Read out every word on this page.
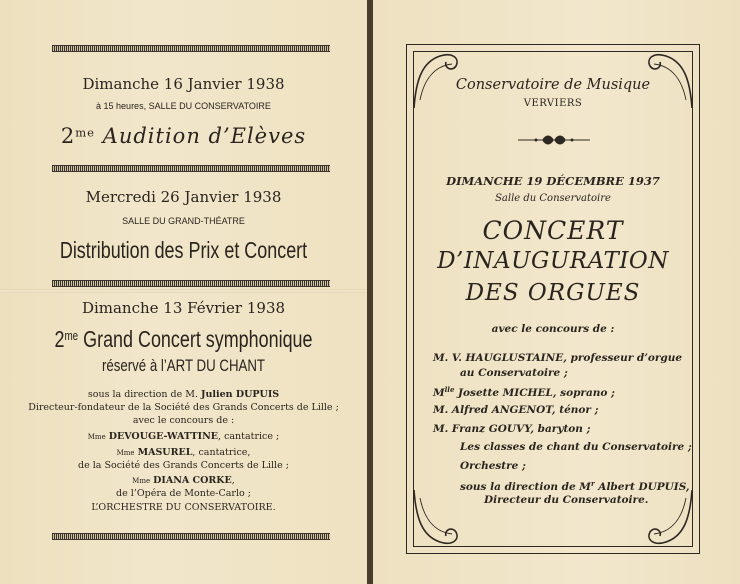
Dimanche 16 Janvier 1938
à 15 heures, SALLE DU CONSERVATOIRE
$2^{me}$ Audition d’Elèves
Mercredi 26 Janvier 1938
SALLE DU GRAND-THÉATRE
Distribution des Prix et Concert
Dimanche 13 Février 1938
$2^{me}$ Grand Concert symphonique
réservé à l’ART DU CHANT
sous la direction de M. Julien DUPUIS
Directeur-fondateur de la Société des Grands Concerts de Lille ;
avec le concours de :
Mme DEVOUGE-WATTINE, cantatrice ;
Mme MASUREL, cantatrice,
de la Société des Grands Concerts de Lille ;
Mme DIANA CORKE,
de l’Opéra de Monte-Carlo ;
L’ORCHESTRE DU CONSERVATOIRE.
Conservatoire de Musique
VERVIERS
DIMANCHE 19 DÉCEMBRE 1937
Salle du Conservatoire
CONCERT
D’INAUGURATION
DES ORGUES
avec le concours de :
M. V. HAUGLUSTAINE, professeur d’orgue
au Conservatoire ;
$M^{lle}$ Josette MICHEL, soprano ;
M. Alfred ANGENOT, ténor ;
M. Franz GOUVY, baryton ;
Les classes de chant du Conservatoire ;
Orchestre ;
sous la direction de $M^r$ Albert DUPUIS,
Directeur du Conservatoire.
